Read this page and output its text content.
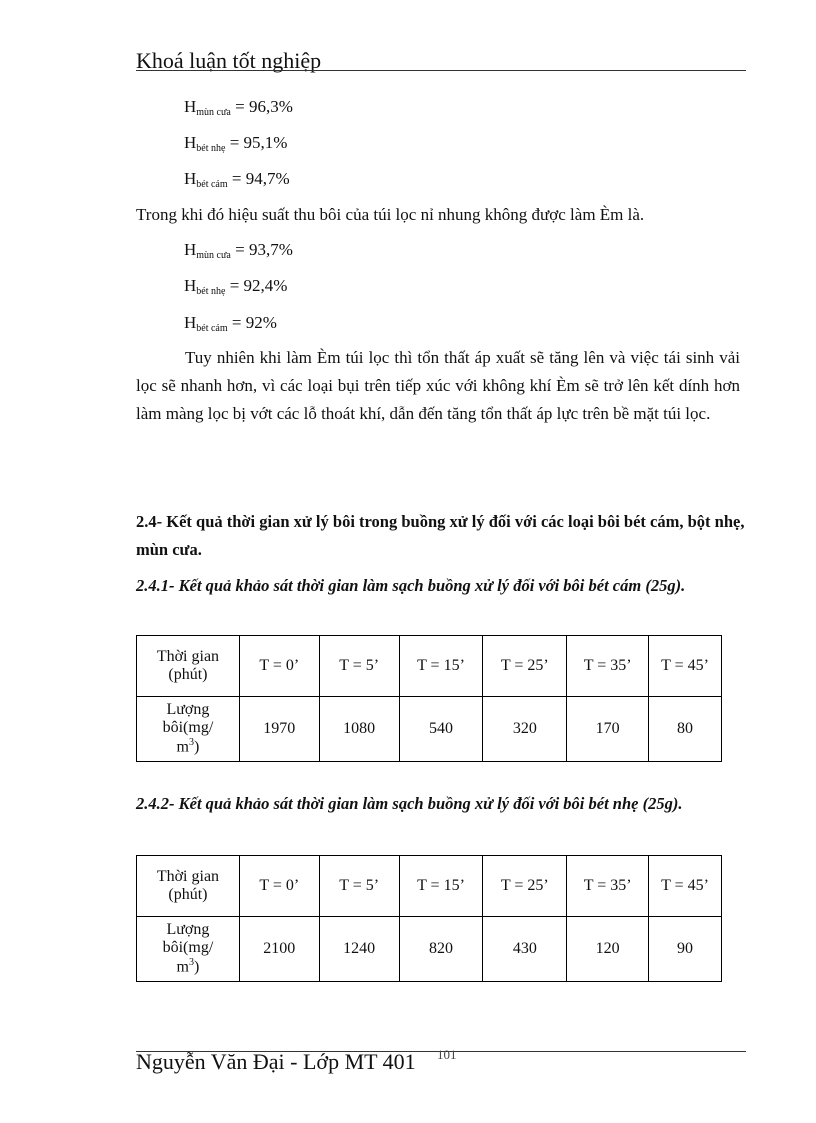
Khoá luận tốt nghiệp
$H_{mùn cưa} = 96,3\%$
$H_{bét nhẹ} = 95,1\%$
$H_{bét cám} = 94,7\%$
Trong khi đó hiệu suất thu bôi của túi lọc nỉ nhung không được làm Èm là.
$H_{mùn cưa} = 93,7\%$
$H_{bét nhẹ} = 92,4\%$
$H_{bét cám} = 92\%$
Tuy nhiên khi làm Èm túi lọc thì tổn thất áp xuất sẽ tăng lên và việc tái sinh vải lọc sẽ nhanh hơn, vì các loại bụi trên tiếp xúc với không khí Èm sẽ trở lên kết dính hơn làm màng lọc bị vớt các lỗ thoát khí, dẫn đến tăng tổn thất áp lực trên bề mặt túi lọc.
2.4- Kết quả thời gian xử lý bôi trong buồng xử lý đối với các loại bôi bét cám, bột nhẹ, mùn cưa.
2.4.1- Kết quả khảo sát thời gian làm sạch buồng xử lý đối với bôi bét cám (25g).
Thời gian
(phút)	T = 0’	T = 5’	T = 15’	T = 25’	T = 35’	T = 45’
Lượng
bôi(mg/
$m^3$)	1970	1080	540	320	170	80
2.4.2- Kết quả khảo sát thời gian làm sạch buồng xử lý đối với bôi bét nhẹ (25g).
Thời gian
(phút)	T = 0’	T = 5’	T = 15’	T = 25’	T = 35’	T = 45’
Lượng
bôi(mg/
$m^3$)	2100	1240	820	430	120	90
Nguyễn Văn Đại - Lớp MT 401 101
